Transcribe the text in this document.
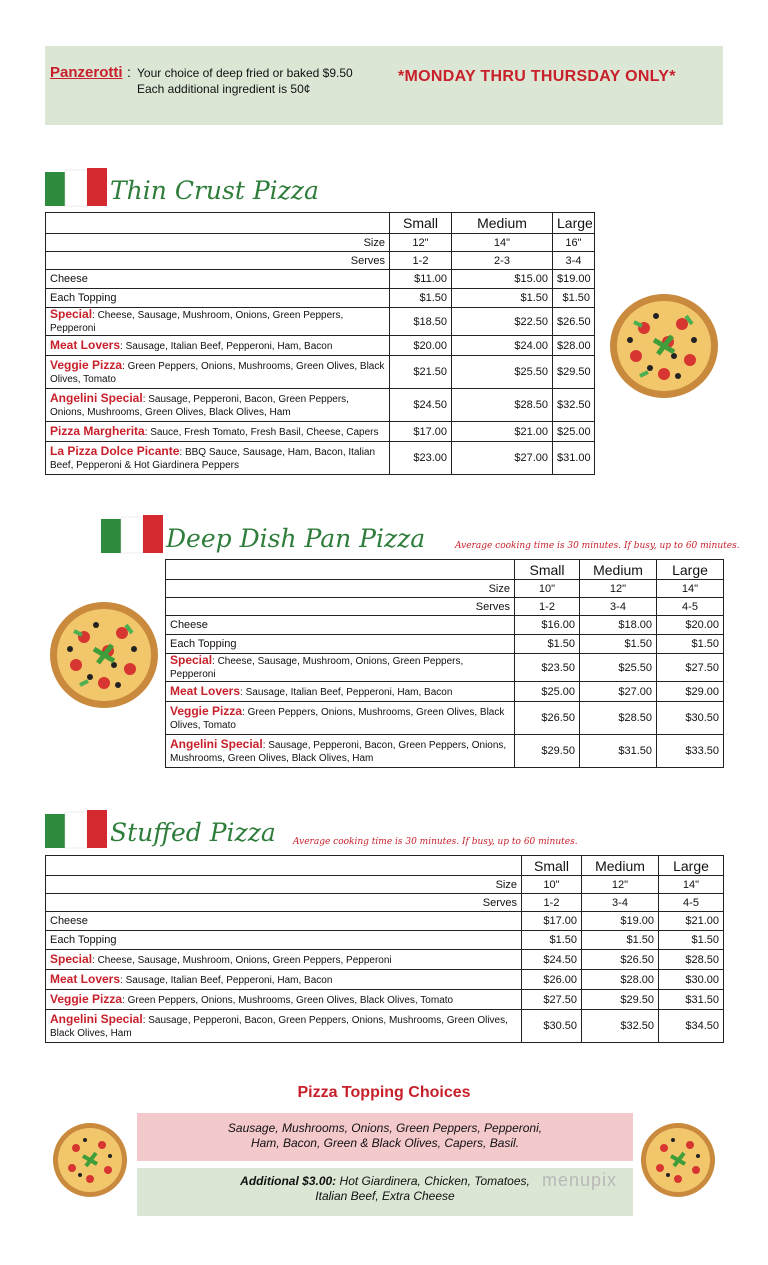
Panzerotti : Your choice of deep fried or baked $9.50
Each additional ingredient is 50¢
*MONDAY THRU THURSDAY ONLY*
Thin Crust Pizza
	Small	Medium	Large
Size	12"	14"	16"
Serves	1-2	2-3	3-4
Cheese	$11.00	$15.00	$19.00
Each Topping	$1.50	$1.50	$1.50
Special: Cheese, Sausage, Mushroom, Onions, Green Peppers, Pepperoni	$18.50	$22.50	$26.50
Meat Lovers: Sausage, Italian Beef, Pepperoni, Ham, Bacon	$20.00	$24.00	$28.00
Veggie Pizza: Green Peppers, Onions, Mushrooms, Green Olives, Black Olives, Tomato	$21.50	$25.50	$29.50
Angelini Special: Sausage, Pepperoni, Bacon, Green Peppers, Onions, Mushrooms, Green Olives, Black Olives, Ham	$24.50	$28.50	$32.50
Pizza Margherita: Sauce, Fresh Tomato, Fresh Basil, Cheese, Capers	$17.00	$21.00	$25.00
La Pizza Dolce Picante: BBQ Sauce, Sausage, Ham, Bacon, Italian Beef, Pepperoni & Hot Giardinera Peppers	$23.00	$27.00	$31.00
Deep Dish Pan Pizza	Average cooking time is 30 minutes. If busy, up to 60 minutes.
	Small	Medium	Large
Size	10"	12"	14"
Serves	1-2	3-4	4-5
Cheese	$16.00	$18.00	$20.00
Each Topping	$1.50	$1.50	$1.50
Special: Cheese, Sausage, Mushroom, Onions, Green Peppers, Pepperoni	$23.50	$25.50	$27.50
Meat Lovers: Sausage, Italian Beef, Pepperoni, Ham, Bacon	$25.00	$27.00	$29.00
Veggie Pizza: Green Peppers, Onions, Mushrooms, Green Olives, Black Olives, Tomato	$26.50	$28.50	$30.50
Angelini Special: Sausage, Pepperoni, Bacon, Green Peppers, Onions, Mushrooms, Green Olives, Black Olives, Ham	$29.50	$31.50	$33.50
Stuffed Pizza Average cooking time is 30 minutes. If busy, up to 60 minutes.
	Small	Medium	Large
Size	10"	12"	14"
Serves	1-2	3-4	4-5
Cheese	$17.00	$19.00	$21.00
Each Topping	$1.50	$1.50	$1.50
Special: Cheese, Sausage, Mushroom, Onions, Green Peppers, Pepperoni	$24.50	$26.50	$28.50
Meat Lovers: Sausage, Italian Beef, Pepperoni, Ham, Bacon	$26.00	$28.00	$30.00
Veggie Pizza: Green Peppers, Onions, Mushrooms, Green Olives, Black Olives, Tomato	$27.50	$29.50	$31.50
Angelini Special: Sausage, Pepperoni, Bacon, Green Peppers, Onions, Mushrooms, Green Olives, Black Olives, Ham	$30.50	$32.50	$34.50
Pizza Topping Choices
Sausage, Mushrooms, Onions, Green Peppers, Pepperoni,
Ham, Bacon, Green & Black Olives, Capers, Basil.
Additional $3.00: Hot Giardinera, Chicken, Tomatoes,
Italian Beef, Extra Cheese
menupix
